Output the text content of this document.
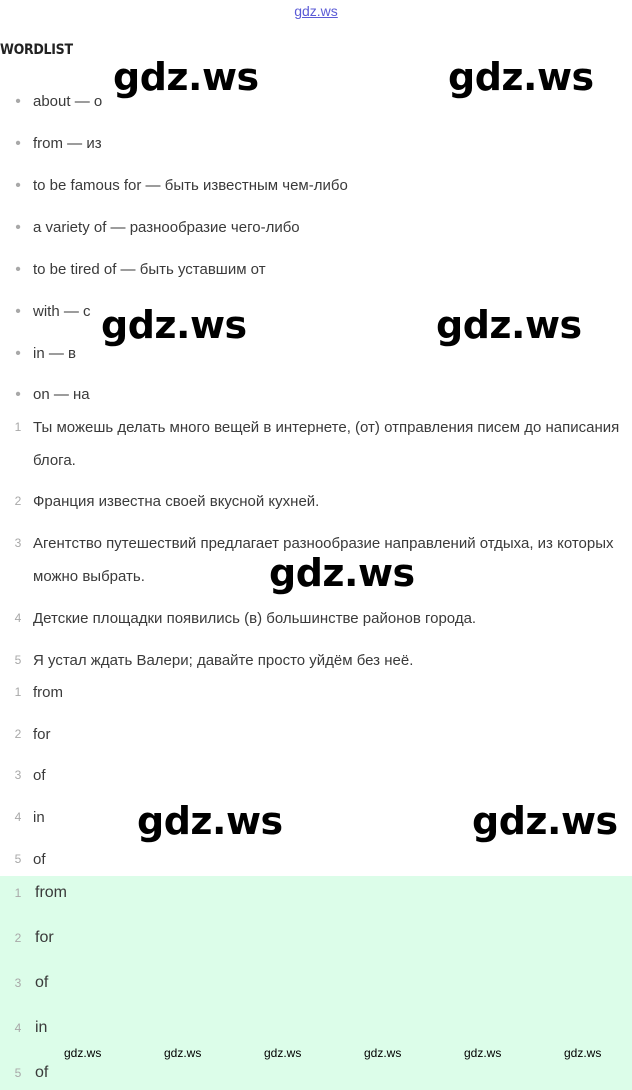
gdz.ws
WORDLIST
• about — о
• from — из
• to be famous for — быть известным чем-либо
• a variety of — разнообразие чего-либо
• to be tired of — быть уставшим от
• with — с
• in — в
• on — на
1 Ты можешь делать много вещей в интернете, (от) отправления писем до написания блога.
2 Франция известна своей вкусной кухней.
3 Агентство путешествий предлагает разнообразие направлений отдыха, из которых можно выбрать.
4 Детские площадки появились (в) большинстве районов города.
5 Я устал ждать Валери; давайте просто уйдём без неё.
1 from
2 for
3 of
4 in
5 of
1 from
2 for
3 of
4 in
5 of
gdz.ws	gdz.ws
gdz.ws	gdz.ws
gdz.ws
gdz.ws	gdz.ws
gdz.ws	gdz.ws	gdz.ws	gdz.ws	gdz.ws	gdz.ws
